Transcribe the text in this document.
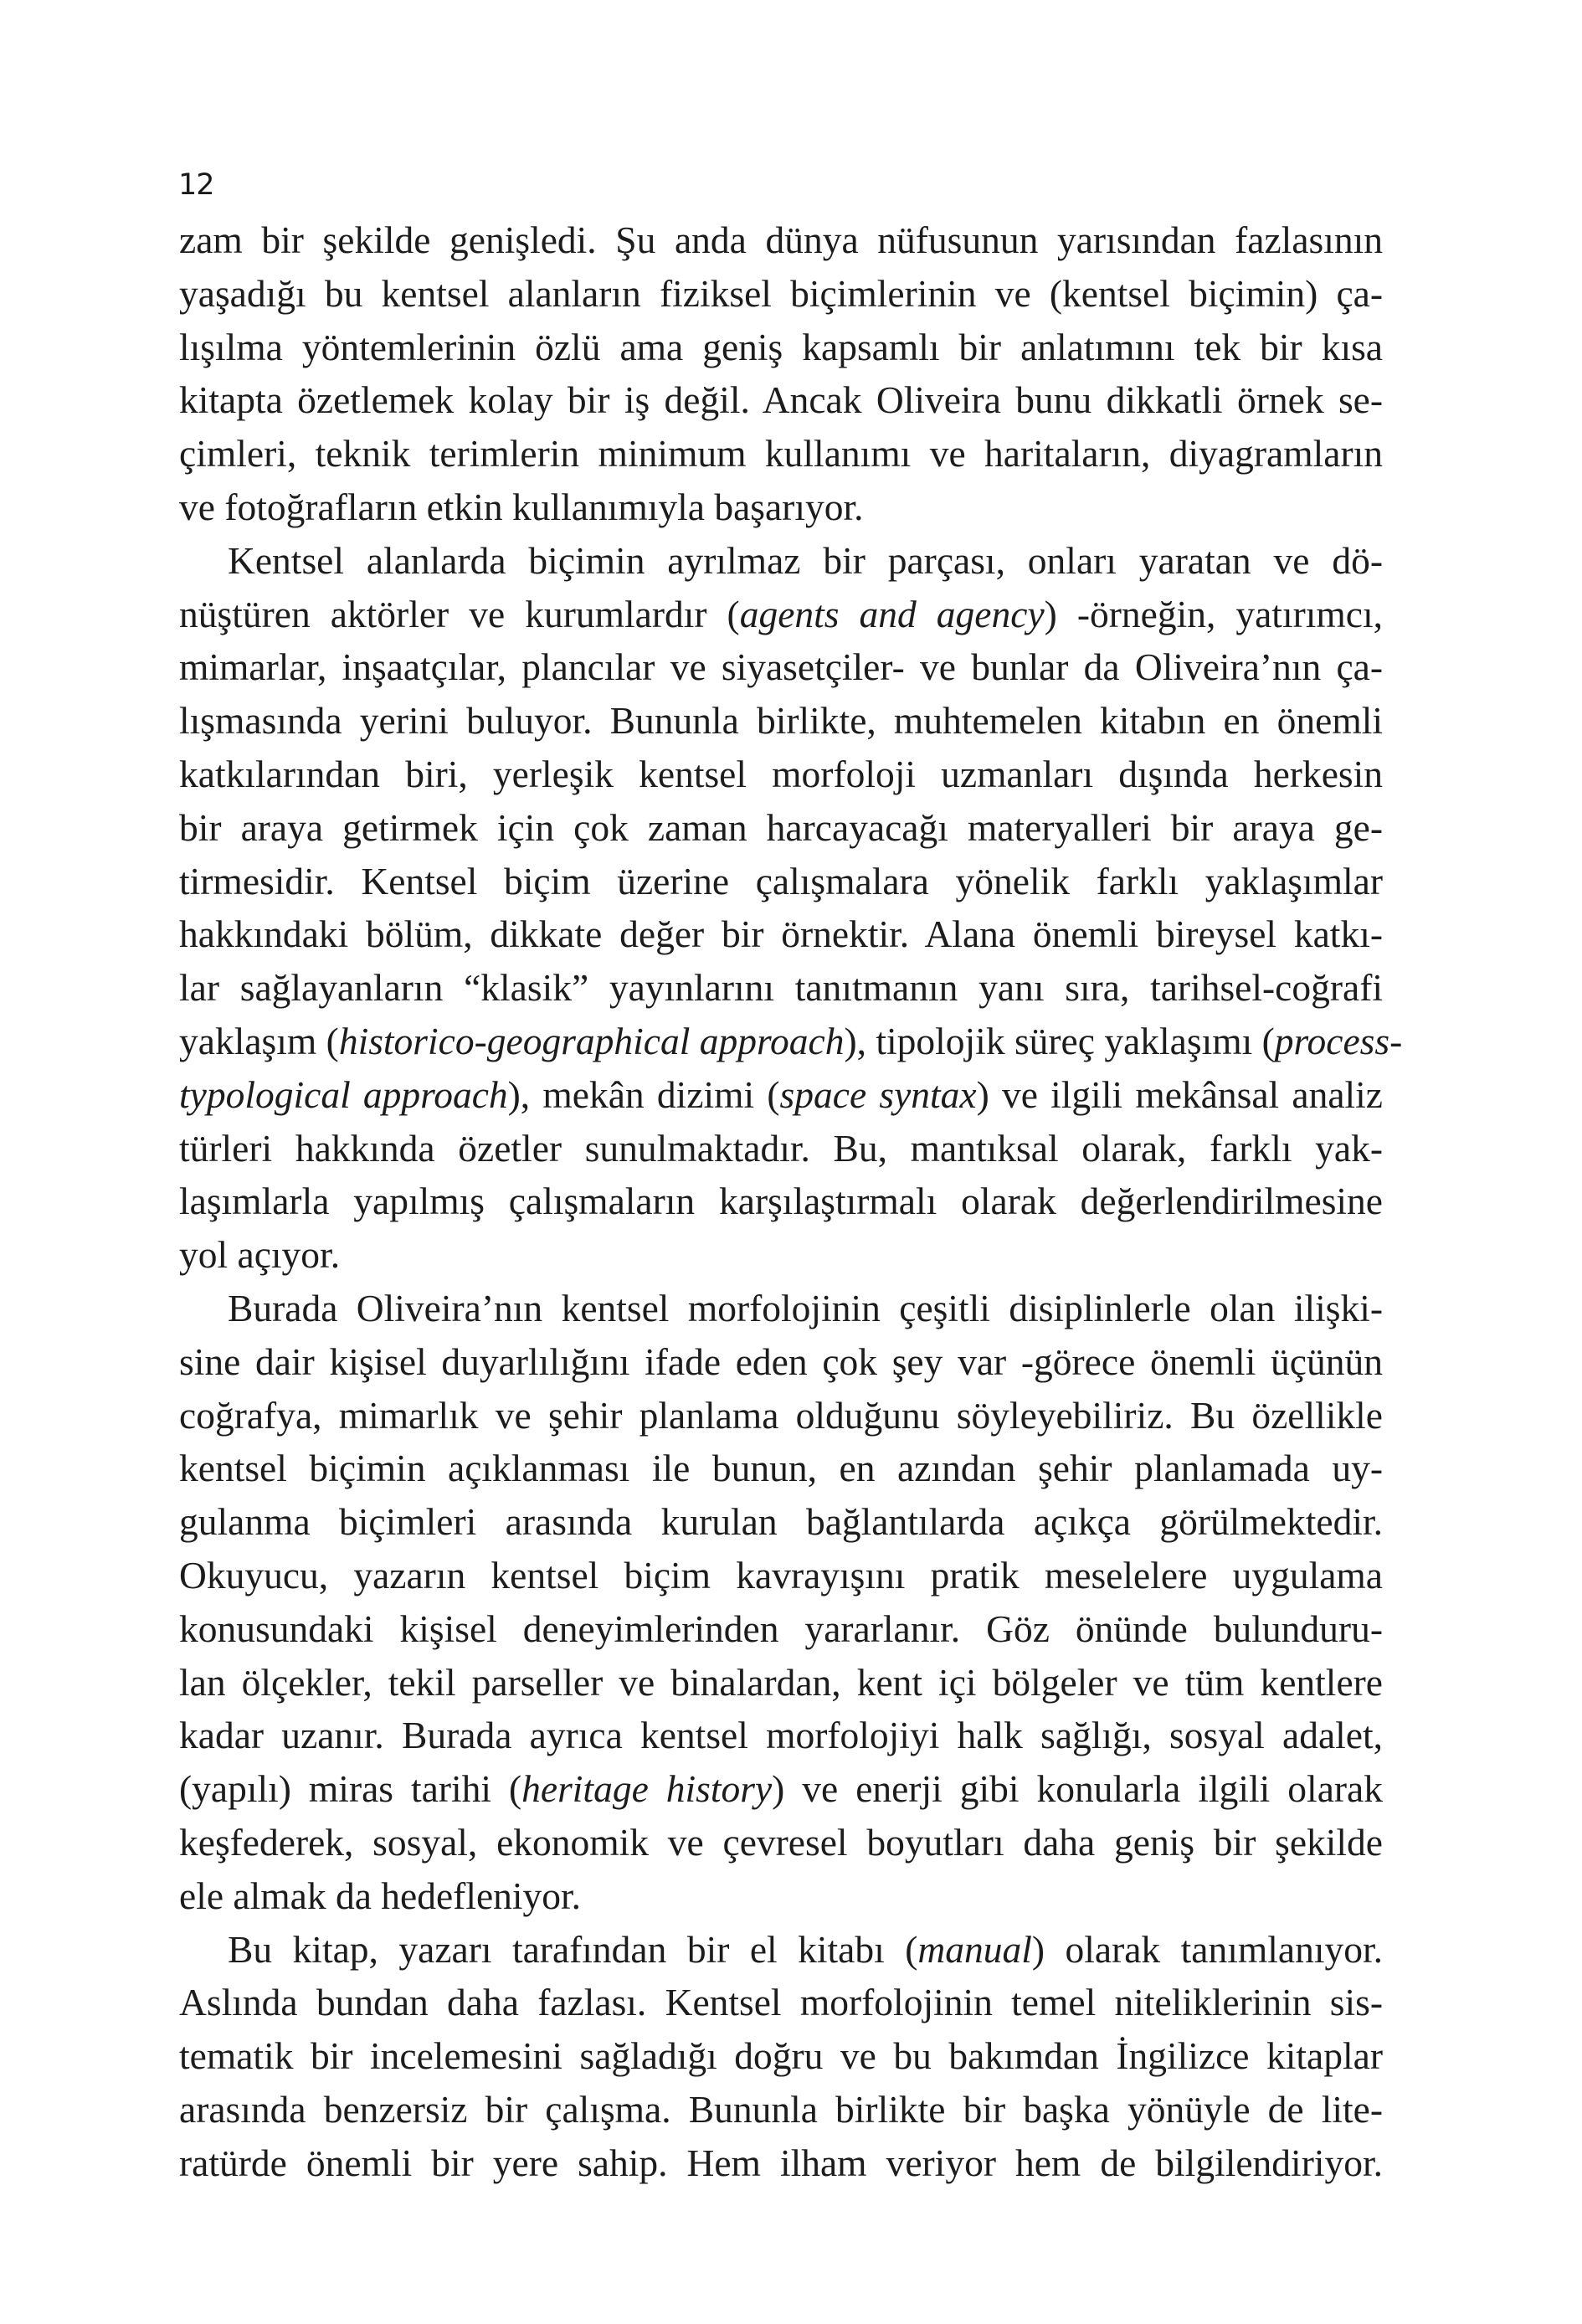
12
zam bir şekilde genişledi. Şu anda dünya nüfusunun yarısından fazlasının
yaşadığı bu kentsel alanların fiziksel biçimlerinin ve (kentsel biçimin) ça-
lışılma yöntemlerinin özlü ama geniş kapsamlı bir anlatımını tek bir kısa
kitapta özetlemek kolay bir iş değil. Ancak Oliveira bunu dikkatli örnek se-
çimleri, teknik terimlerin minimum kullanımı ve haritaların, diyagramların
ve fotoğrafların etkin kullanımıyla başarıyor.
Kentsel alanlarda biçimin ayrılmaz bir parçası, onları yaratan ve dö-
nüştüren aktörler ve kurumlardır (agents and agency) -örneğin, yatırımcı,
mimarlar, inşaatçılar, plancılar ve siyasetçiler- ve bunlar da Oliveira’nın ça-
lışmasında yerini buluyor. Bununla birlikte, muhtemelen kitabın en önemli
katkılarından biri, yerleşik kentsel morfoloji uzmanları dışında herkesin
bir araya getirmek için çok zaman harcayacağı materyalleri bir araya ge-
tirmesidir. Kentsel biçim üzerine çalışmalara yönelik farklı yaklaşımlar
hakkındaki bölüm, dikkate değer bir örnektir. Alana önemli bireysel katkı-
lar sağlayanların “klasik” yayınlarını tanıtmanın yanı sıra, tarihsel-coğrafi
yaklaşım (historico-geographical approach), tipolojik süreç yaklaşımı (process-
typological approach), mekân dizimi (space syntax) ve ilgili mekânsal analiz
türleri hakkında özetler sunulmaktadır. Bu, mantıksal olarak, farklı yak-
laşımlarla yapılmış çalışmaların karşılaştırmalı olarak değerlendirilmesine
yol açıyor.
Burada Oliveira’nın kentsel morfolojinin çeşitli disiplinlerle olan ilişki-
sine dair kişisel duyarlılığını ifade eden çok şey var -görece önemli üçünün
coğrafya, mimarlık ve şehir planlama olduğunu söyleyebiliriz. Bu özellikle
kentsel biçimin açıklanması ile bunun, en azından şehir planlamada uy-
gulanma biçimleri arasında kurulan bağlantılarda açıkça görülmektedir.
Okuyucu, yazarın kentsel biçim kavrayışını pratik meselelere uygulama
konusundaki kişisel deneyimlerinden yararlanır. Göz önünde bulunduru-
lan ölçekler, tekil parseller ve binalardan, kent içi bölgeler ve tüm kentlere
kadar uzanır. Burada ayrıca kentsel morfolojiyi halk sağlığı, sosyal adalet,
(yapılı) miras tarihi (heritage history) ve enerji gibi konularla ilgili olarak
keşfederek, sosyal, ekonomik ve çevresel boyutları daha geniş bir şekilde
ele almak da hedefleniyor.
Bu kitap, yazarı tarafından bir el kitabı (manual) olarak tanımlanıyor.
Aslında bundan daha fazlası. Kentsel morfolojinin temel niteliklerinin sis-
tematik bir incelemesini sağladığı doğru ve bu bakımdan İngilizce kitaplar
arasında benzersiz bir çalışma. Bununla birlikte bir başka yönüyle de lite-
ratürde önemli bir yere sahip. Hem ilham veriyor hem de bilgilendiriyor.
